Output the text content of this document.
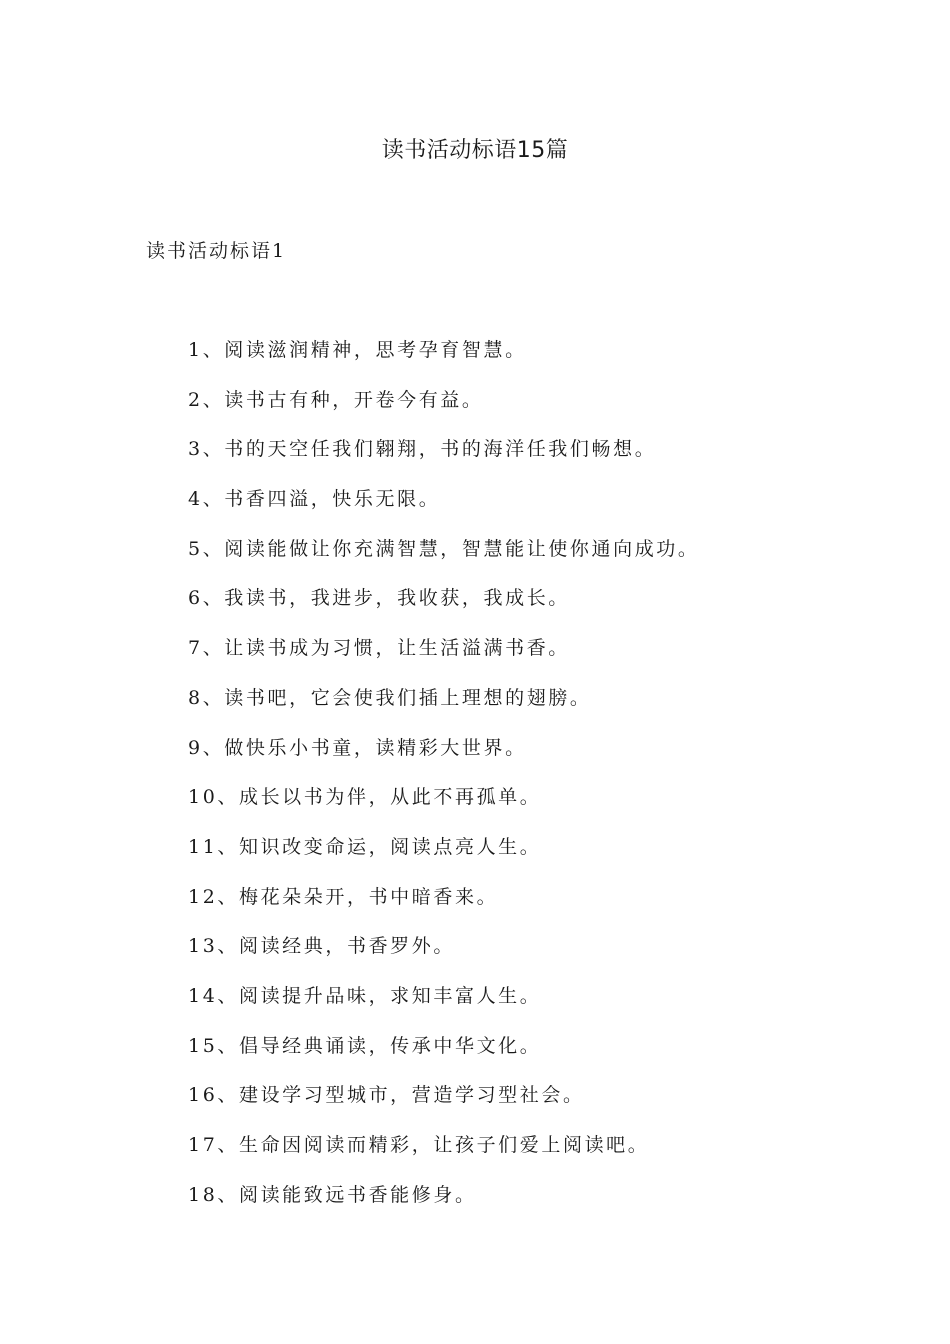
读书活动标语15篇
读书活动标语1
1、阅读滋润精神，思考孕育智慧。
2、读书古有种，开卷今有益。
3、书的天空任我们翱翔，书的海洋任我们畅想。
4、书香四溢，快乐无限。
5、阅读能做让你充满智慧，智慧能让使你通向成功。
6、我读书，我进步，我收获，我成长。
7、让读书成为习惯，让生活溢满书香。
8、读书吧，它会使我们插上理想的翅膀。
9、做快乐小书童，读精彩大世界。
10、成长以书为伴，从此不再孤单。
11、知识改变命运，阅读点亮人生。
12、梅花朵朵开，书中暗香来。
13、阅读经典，书香罗外。
14、阅读提升品味，求知丰富人生。
15、倡导经典诵读，传承中华文化。
16、建设学习型城市，营造学习型社会。
17、生命因阅读而精彩，让孩子们爱上阅读吧。
18、阅读能致远书香能修身。
